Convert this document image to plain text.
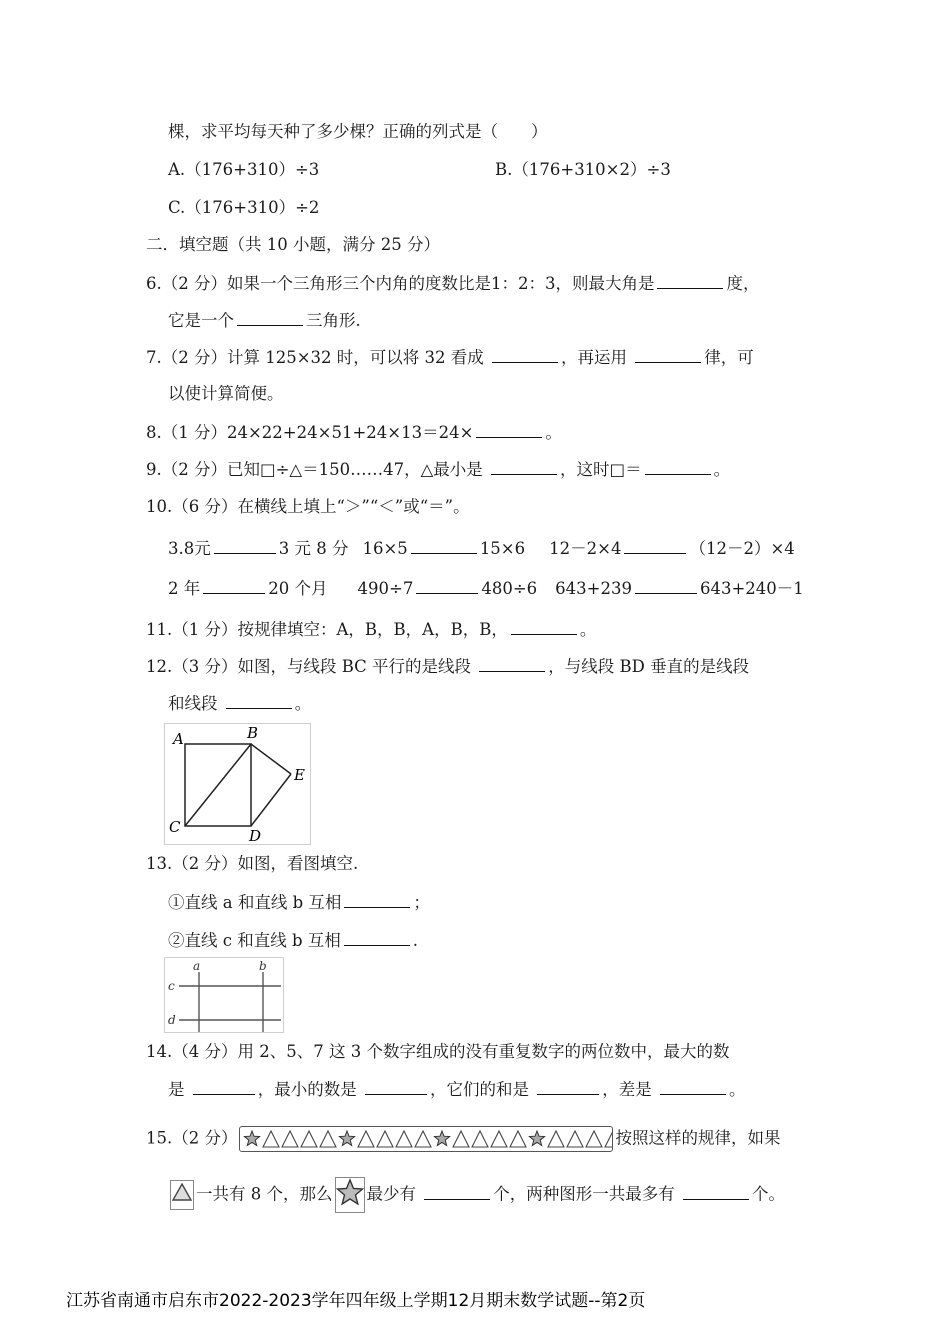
棵，求平均每天种了多少棵？正确的列式是（　　）
A.（176+310）÷3	B.（176+310×2）÷3
C.（176+310）÷2
二．填空题（共 10 小题，满分 25 分）
6.（2 分）如果一个三角形三个内角的度数比是1：2：3，则最大角是	度，
它是一个	三角形.
7.（2 分）计算 125×32 时，可以将 32 看成	，再运用	律，可
以使计算简便。
8.（1 分）24×22+24×51+24×13＝24×	。
9.（2 分）已知□÷△＝150……47，△最小是	，这时□＝	。
10.（6 分）在横线上填上“＞”“＜”或“＝”。
3.8元	3 元 8 分 16×5	15×6 12－2×4	（12－2）×4
2 年	20 个月 490÷7	480÷6 643+239	643+240－1
11.（1 分）按规律填空：A，B，B，A，B，B，	。
12.（3 分）如图，与线段 BC 平行的是线段	，与线段 BD 垂直的是线段
和线段	。
A	B
C	D
E
13.（2 分）如图，看图填空.
①直线 a 和直线 b 互相	；
②直线 c 和直线 b 互相	.
a	b
c
d
14.（4 分）用 2、5、7 这 3 个数字组成的没有重复数字的两位数中，最大的数
是	，最小的数是	，它们的和是	，差是	。
15.（2 分）	按照这样的规律，如果
一共有 8 个，那么 最少有	个，两种图形一共最多有	个。
江苏省南通市启东市2022-2023学年四年级上学期12月期末数学试题--第2页
